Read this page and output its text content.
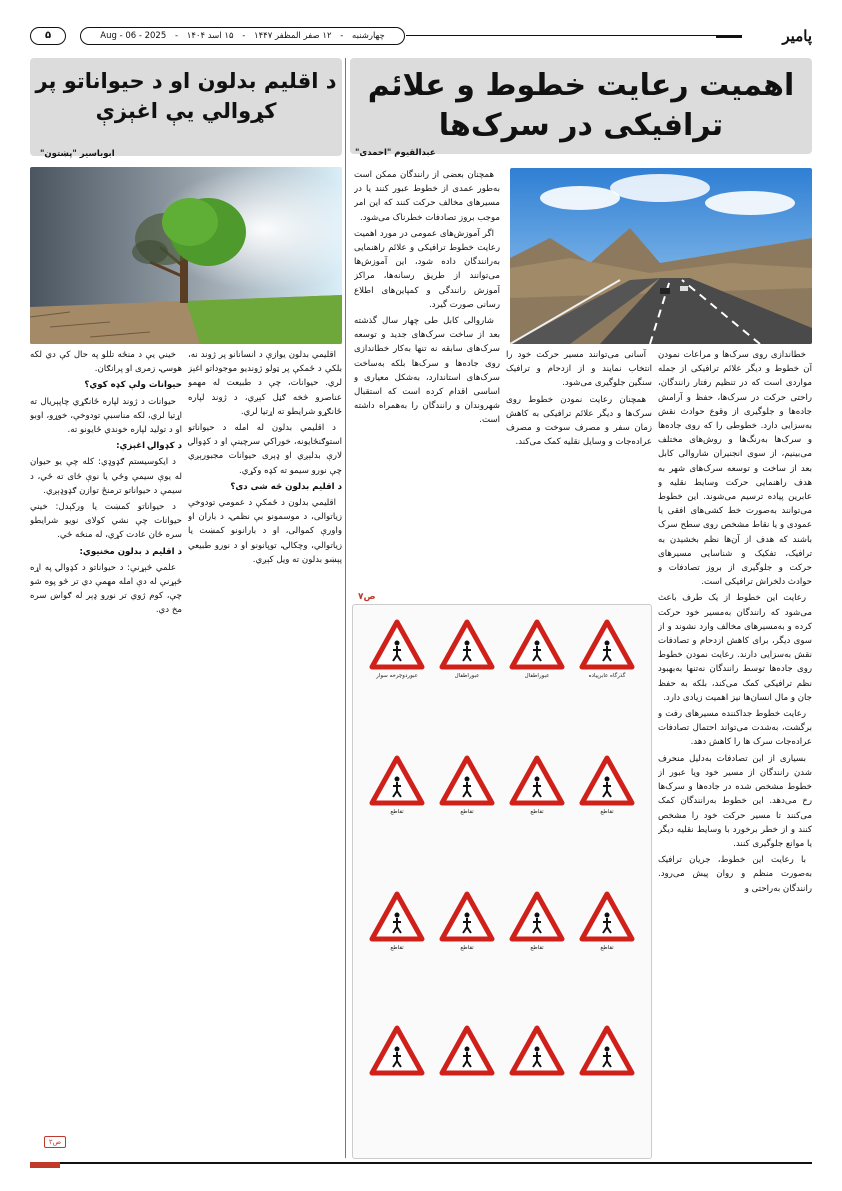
پامیر
چهارشنبه - ۱۲ صفر المظفر ۱۴۴۷ - ۱۵ اسد ۱۴۰۴ - Aug - 06 - 2025
۵
اهمیت رعایت خطوط و علائم ترافیکی در سرک‌ها
عبدالقیوم "احمدی"

خطاندازی روی سرک‌ها و مراعات نمودن آن خطوط و دیگر علائم ترافیکی از جمله مواردی است که در تنظیم رفتار رانندگان، راحتی حرکت در سرک‌ها، حفظ و آرامش جاده‌ها و جلوگیری از وقوع حوادث نقش به‌سزایی دارد. خطوطی را که روی جاده‌ها و سرک‌ها به‌رنگ‌ها و روش‌های مختلف می‌بینیم، از سوی انجنیران شاروالی کابل بعد از ساخت و توسعه سرک‌های شهر به هدف راهنمایی حرکت وسایط نقلیه و عابرین پیاده ترسیم می‌شوند. این خطوط می‌توانند به‌صورت خط کشی‌های افقی یا عمودی و یا نقاط مشخص روی سطح سرک باشند که هدف از آن‌ها نظم بخشیدن به ترافیک، تفکیک و شناسایی مسیرهای حرکت و جلوگیری از بروز تصادفات و حوادث دلخراش ترافیکی است.

رعایت این خطوط از یک طرف باعث می‌شود که رانندگان به‌مسیر خود حرکت کرده و به‌مسیرهای مخالف وارد نشوند و از سوی دیگر، برای کاهش ازدحام و تصادفات نقش به‌سزایی دارند. رعایت نمودن خطوط روی جاده‌ها توسط رانندگان نه‌تنها به‌بهبود نظم ترافیکی کمک می‌کند، بلکه به حفظ جان و مال انسان‌ها نیز اهمیت زیادی دارد.

رعایت خطوط جداکننده مسیرهای رفت و برگشت، به‌شدت می‌تواند احتمال تصادفات عراده‌جات سرک ها را کاهش دهد.

بسیاری از این تصادفات به‌دلیل منحرف شدن رانندگان از مسیر خود ویا عبور از خطوط مشخص شده در جاده‌ها و سرک‌ها رخ می‌دهد. این خطوط به‌رانندگان کمک می‌کنند تا مسیر حرکت خود را مشخص کنند و از خطر برخورد با وسایط نقلیه دیگر یا موانع جلوگیری کنند.

با رعایت این خطوط، جریان ترافیک به‌صورت منظم و روان پیش می‌رود. رانندگان به‌راحتی و

آسانی می‌توانند مسیر حرکت خود را انتخاب نمایند و از ازدحام و ترافیک سنگین جلوگیری می‌شود.

همچنان رعایت نمودن خطوط روی سرک‌ها و دیگر علائم ترافیکی به کاهش زمان سفر و مصرف سوخت و مصرف عراده‌جات و وسایل نقلیه کمک می‌کند.

همچنان بعضی از رانندگان ممکن است به‌طور عمدی از خطوط عبور کنند یا در مسیرهای مخالف حرکت کنند که این امر موجب بروز تصادفات خطرناک می‌شود.

اگر آموزش‌های عمومی در مورد اهمیت رعایت خطوط ترافیکی و علائم راهنمایی به‌رانندگان داده شود، این آموزش‌ها می‌توانند از طریق رسانه‌ها، مراکز آموزش رانندگی و کمپاین‌های اطلاع رسانی صورت گیرد.

شاروالی کابل طی چهار سال گذشته بعد از ساخت سرک‌های جدید و توسعه سرک‌های سابقه نه تنها به‌کار خطاندازی روی جاده‌ها و سرک‌ها بلکه به‌ساخت سرک‌های استاندارد، به‌شکل معیاری و اساسی اقدام کرده است که استقبال شهروندان و رانندگان را به‌همراه داشته است.

ص۷
گذرگاه عابرپیاده
عبوراطفال
عبوراطفال
عبوردوچرخه سوار
تقاطع
تقاطع
تقاطع
تقاطع
تقاطع
تقاطع
تقاطع
تقاطع
د اقلیم بدلون او د حیواناتو پر کړوالي يې اغېزې
ابوباسیر "پښتون"

اقلیمي بدلون یوازې د انسانانو پر ژوند نه، بلکې د ځمکې پر ټولو ژوندیو موجوداتو اغېز لري. حیوانات، چې د طبیعت له مهمو عناصرو څخه ګڼل کېږي، د ژوند لپاره ځانګړو شرایطو ته اړتیا لري.

د اقلیمي بدلون له امله د حیواناتو استوګنځایونه، خوراکي سرچینې او د کډوالۍ لارې بدلېږي او ډېری حیوانات مجبورېږي چې نورو سیمو ته کډه وکړي.

د اقلیم بدلون څه شی دی؟

اقلیمي بدلون د ځمکې د عمومي تودوخې زیاتوالی، د موسمونو بې نظمۍ، د باران او واورې کموالی، او د بارانونو کمښت یا زیاتوالي، وچکالۍ، توپانونو او د نورو طبیعي پېښو بدلون ته ویل کېږي.

خیني یې د منځه تللو په حال کې دي لکه هوسۍ، زمری او پرانګان.

حیوانات ولې کډه کوي؟

حیوانات د ژوند لپاره ځانګړي چاپېریال ته اړتیا لري، لکه مناسبې تودوخې، خوړو، اوبو او د تولید لپاره خوندي ځایونو ته.

د کډوالۍ اغېزې:

د ایکوسیستم ګډوډي: کله چې یو حیوان له یوې سیمې وځي یا نوې ځای ته ځي، د سیمې د حیواناتو ترمنځ توازن ګډوډېږي.

د حیواناتو کمښت یا ورکېدل: خیني حیوانات چې نشي کولای نویو شرایطو سره ځان عادت کړي، له منځه ځي.

د اقلیم د بدلون مخنیوي:

علمي څېړنې: د حیواناتو د کډوالۍ په اړه څېړنې له دې امله مهمې دي تر څو پوه شو چې، کوم ژوي تر نورو ډېر له ګواښ سره مخ دي.

ص۲
